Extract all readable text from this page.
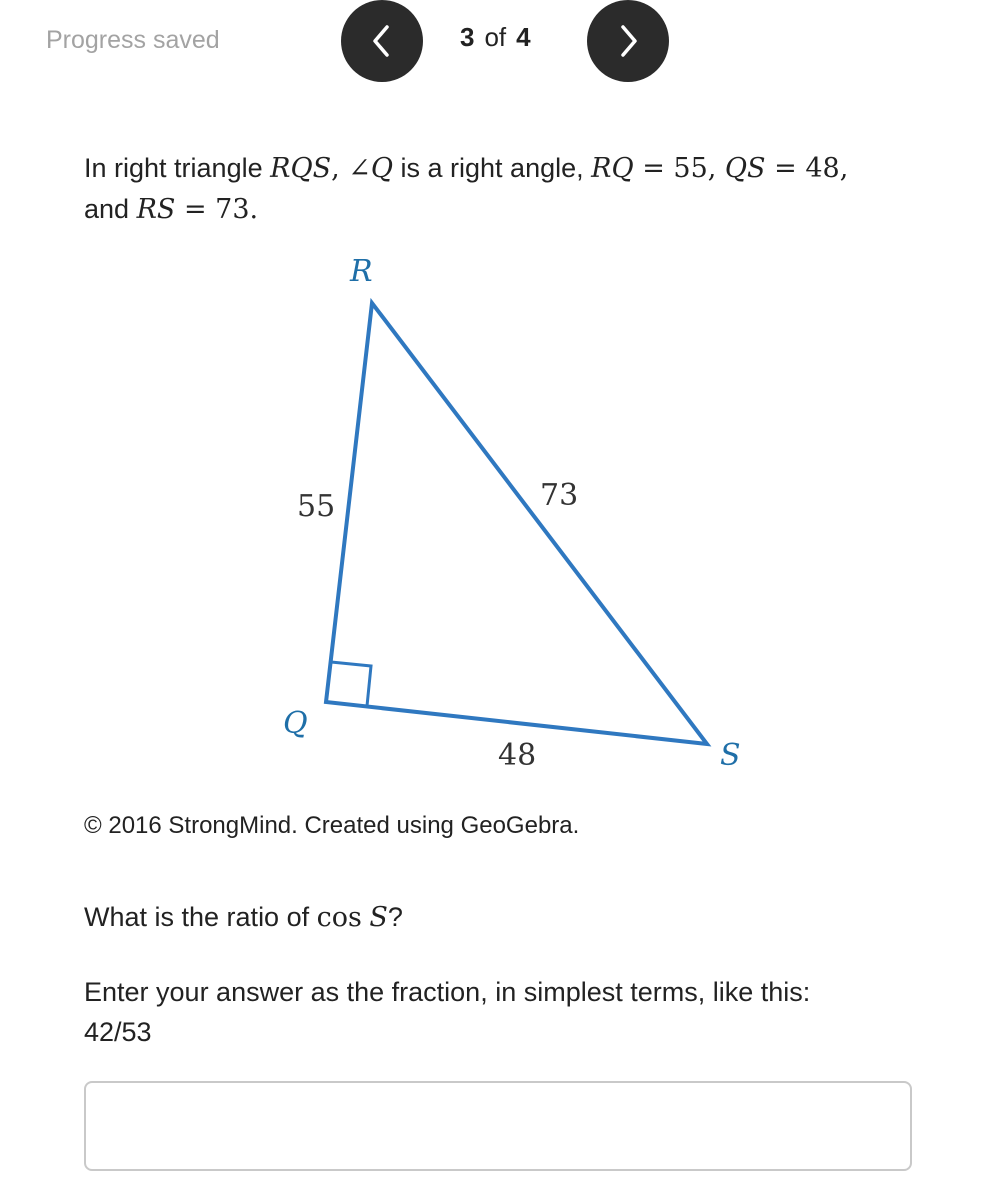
Progress saved	3 of 4
In right triangle RQS, ∠Q is a right angle, RQ = 55, QS = 48,
and RS = 73.
R
Q
S
55	73
48
© 2016 StrongMind. Created using GeoGebra.
What is the ratio of cos S?
Enter your answer as the fraction, in simplest terms, like this:
42/53
